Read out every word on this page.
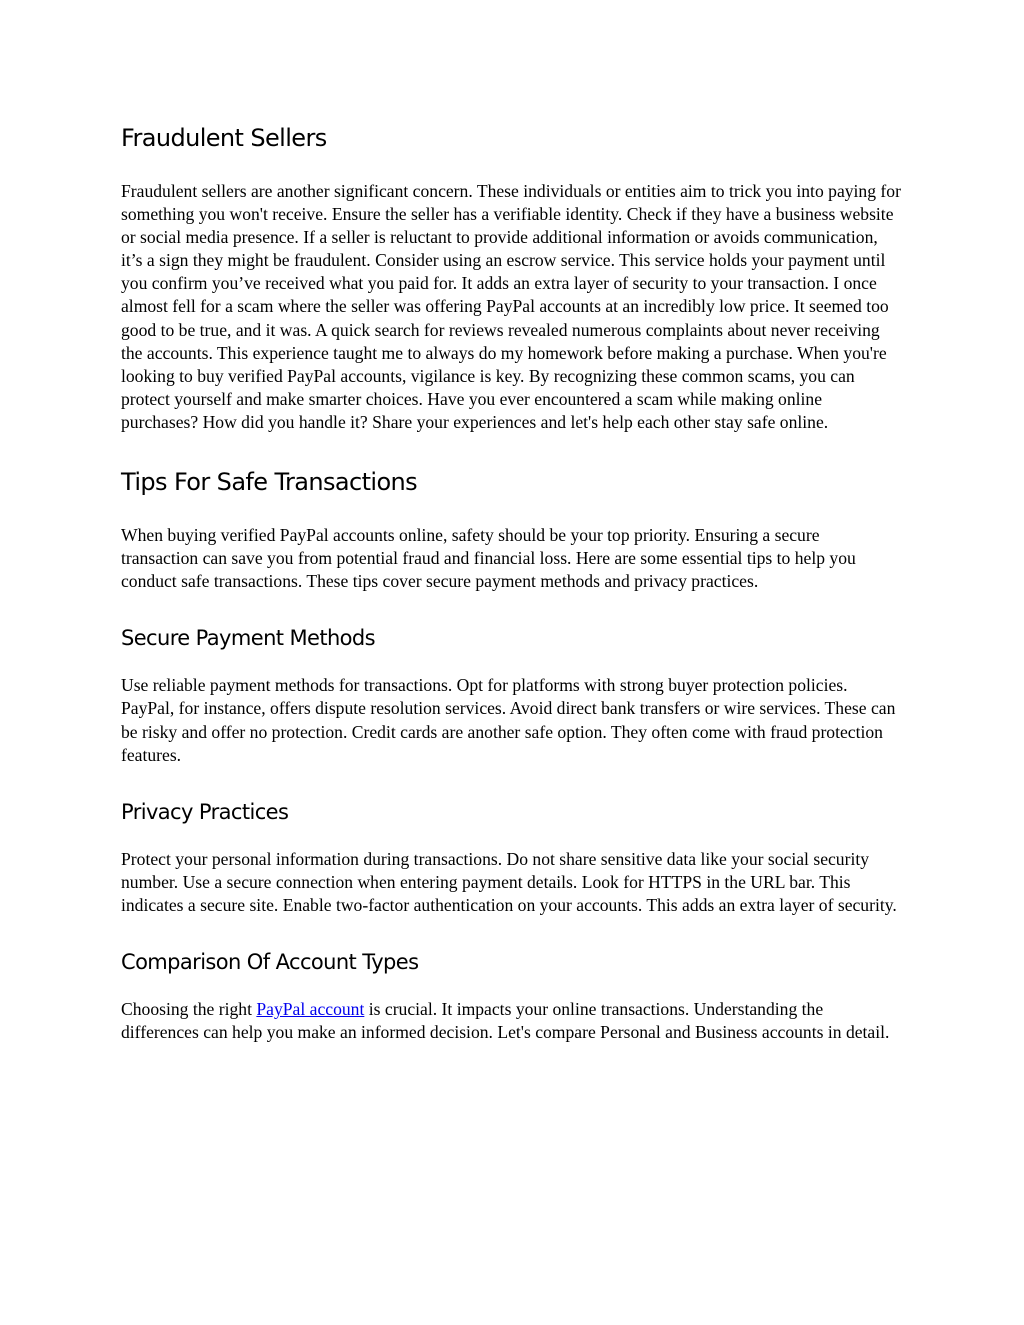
Fraudulent Sellers

Fraudulent sellers are another significant concern. These individuals or entities aim to trick you into paying for something you won't receive. Ensure the seller has a verifiable identity. Check if they have a business website or social media presence. If a seller is reluctant to provide additional information or avoids communication, it’s a sign they might be fraudulent. Consider using an escrow service. This service holds your payment until you confirm you’ve received what you paid for. It adds an extra layer of security to your transaction. I once almost fell for a scam where the seller was offering PayPal accounts at an incredibly low price. It seemed too good to be true, and it was. A quick search for reviews revealed numerous complaints about never receiving the accounts. This experience taught me to always do my homework before making a purchase. When you're looking to buy verified PayPal accounts, vigilance is key. By recognizing these common scams, you can protect yourself and make smarter choices. Have you ever encountered a scam while making online purchases? How did you handle it? Share your experiences and let's help each other stay safe online.

Tips For Safe Transactions

When buying verified PayPal accounts online, safety should be your top priority. Ensuring a secure transaction can save you from potential fraud and financial loss. Here are some essential tips to help you conduct safe transactions. These tips cover secure payment methods and privacy practices.

Secure Payment Methods

Use reliable payment methods for transactions. Opt for platforms with strong buyer protection policies. PayPal, for instance, offers dispute resolution services. Avoid direct bank transfers or wire services. These can be risky and offer no protection. Credit cards are another safe option. They often come with fraud protection features.

Privacy Practices

Protect your personal information during transactions. Do not share sensitive data like your social security number. Use a secure connection when entering payment details. Look for HTTPS in the URL bar. This indicates a secure site. Enable two-factor authentication on your accounts. This adds an extra layer of security.

Comparison Of Account Types

Choosing the right PayPal account is crucial. It impacts your online transactions. Understanding the differences can help you make an informed decision. Let's compare Personal and Business accounts in detail.
